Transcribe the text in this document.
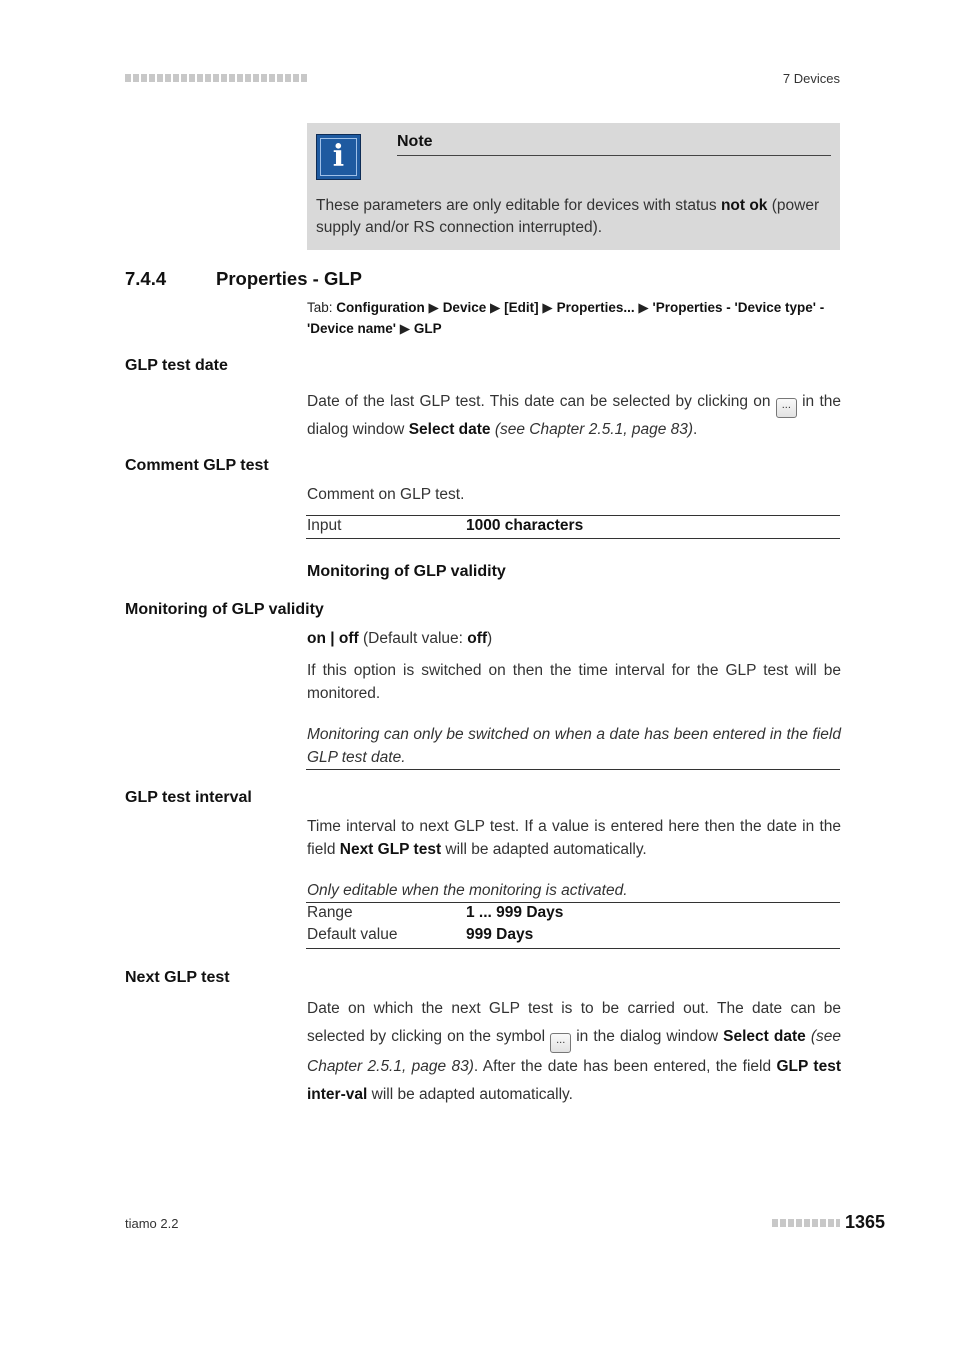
7 Devices
i	Note
These parameters are only editable for devices with status not ok (power supply and/or RS connection interrupted).
7.4.4	Properties - GLP
Tab: Configuration ▶ Device ▶ [Edit] ▶ Properties... ▶ 'Properties - 'Device type' - 'Device name' ▶ GLP
GLP test date
Date of the last GLP test. This date can be selected by clicking on ... in the dialog window Select date (see Chapter 2.5.1, page 83).
Comment GLP test
Comment on GLP test.
Input	1000 characters
Monitoring of GLP validity
Monitoring of GLP validity
on | off (Default value: off)
If this option is switched on then the time interval for the GLP test will be monitored.
Monitoring can only be switched on when a date has been entered in the field GLP test date.
GLP test interval
Time interval to next GLP test. If a value is entered here then the date in the field Next GLP test will be adapted automatically.
Only editable when the monitoring is activated.
Range	1 ... 999 Days
Default value	999 Days
Next GLP test
Date on which the next GLP test is to be carried out. The date can be selected by clicking on the symbol ... in the dialog window Select date (see Chapter 2.5.1, page 83). After the date has been entered, the field GLP test inter-val will be adapted automatically.
tiamo 2.2	1365
